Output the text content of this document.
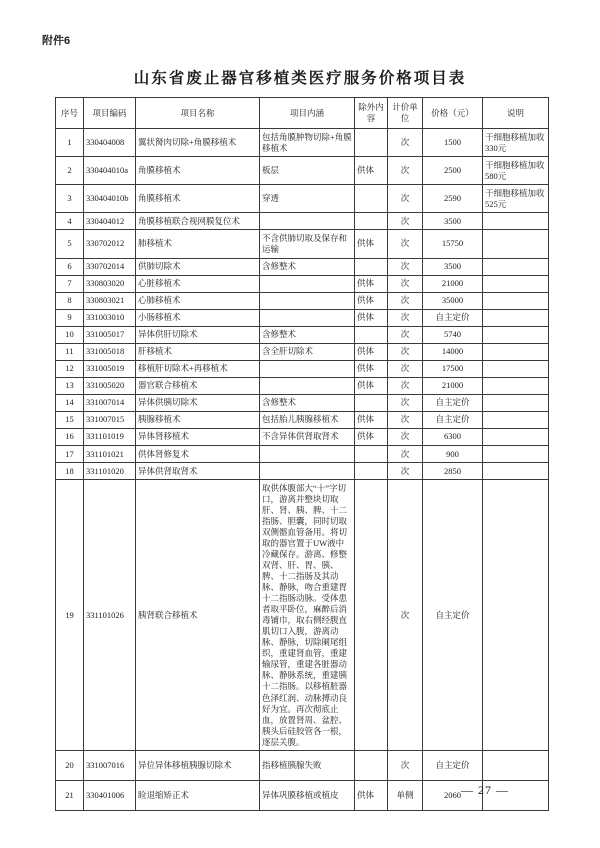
附件6
山东省废止器官移植类医疗服务价格项目表
序号	项目编码	项目名称	项目内涵	除外内容	计价单位	价格（元）	说明
1	330404008	翼状胬肉切除+角膜移植术	包括角膜肿物切除+角膜移植术		次	1500	干细胞移植加收330元
2	330404010a	角膜移植术	板层	供体	次	2500	干细胞移植加收580元
3	330404010b	角膜移植术	穿透		次	2590	干细胞移植加收525元
4	330404012	角膜移植联合视网膜复位术			次	3500	
5	330702012	肺移植术	不含供肺切取及保存和运输	供体	次	15750	
6	330702014	供肺切除术	含修整术		次	3500	
7	330803020	心脏移植术		供体	次	21000	
8	330803021	心肺移植术		供体	次	35000	
9	331003010	小肠移植术		供体	次	自主定价	
10	331005017	异体供肝切除术	含修整术		次	5740	
11	331005018	肝移植术	含全肝切除术	供体	次	14000	
12	331005019	移植肝切除术+再移植术		供体	次	17500	
13	331005020	器官联合移植术		供体	次	21000	
14	331007014	异体供胰切除术	含修整术		次	自主定价	
15	331007015	胰腺移植术	包括胎儿胰腺移植术	供体	次	自主定价	
16	331101019	异体肾移植术	不含异体供肾取肾术	供体	次	6300	
17	331101021	供体肾修复术			次	900	
18	331101020	异体供肾取肾术			次	2850	
19	331101026	胰肾联合移植术	取供体腹部大“十”字切口，游离并整块切取肝、肾、胰、脾、十二指肠、胆囊，同时切取双侧髂血管备用。将切取的器官置于UW液中冷藏保存。游离、修整双肾、肝、胃、胰、脾、十二指肠及其动脉、静脉，吻合重建胃十二指肠动脉。受体患者取平卧位，麻醉后消毒铺巾，取右侧经腹直肌切口入腹，游离动脉、静脉，切除阑尾组织，重建肾血管，重建输尿管，重建各脏器动脉、静脉系统，重建胰十二指肠。以移植脏器色泽红润、动脉搏动良好为宜。再次彻底止血，放置肾周、盆腔、胰头后硅胶管各一根，逐层关腹。		次	自主定价	
20	331007016	异位异体移植胰腺切除术	指移植胰腺失败		次	自主定价	
21	330401006	睑退缩矫正术	异体巩膜移植或植皮	供体	单侧	2060	— 27 —
